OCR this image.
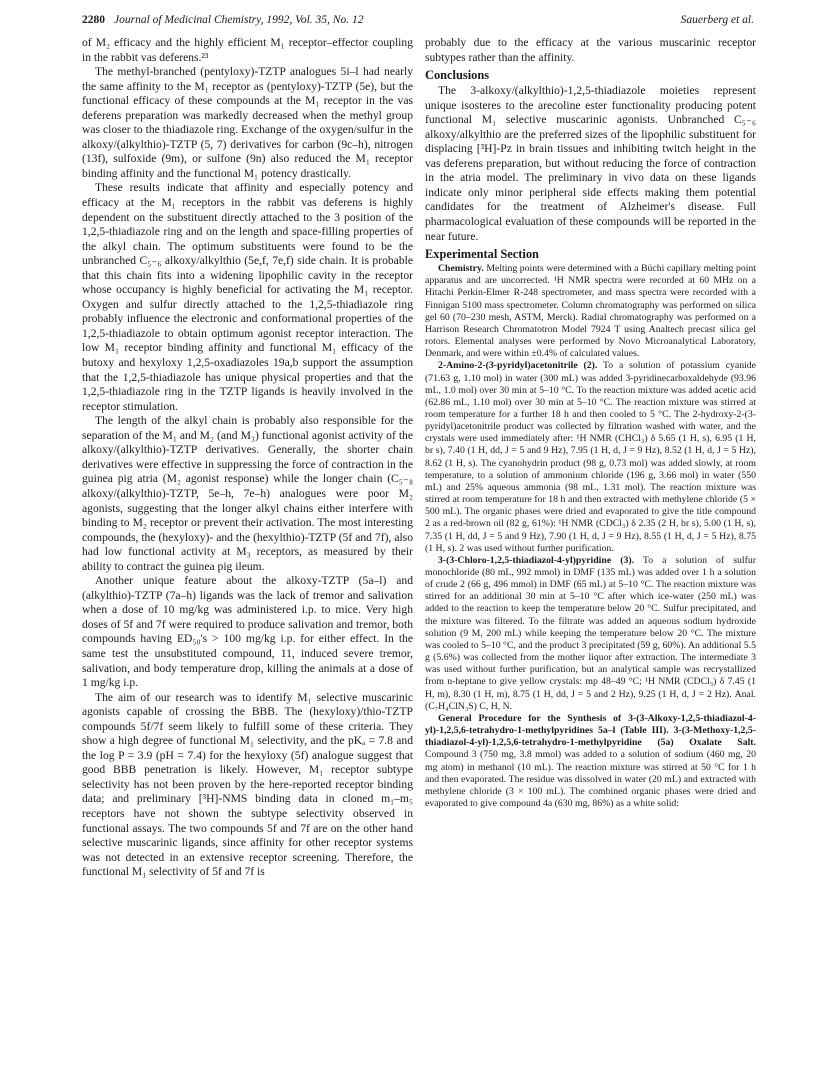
2280 Journal of Medicinal Chemistry, 1992, Vol. 35, No. 12	Sauerberg et al.

of M₂ efficacy and the highly efficient M₁ receptor–effector coupling in the rabbit vas deferens.²³

The methyl-branched (pentyloxy)-TZTP analogues 5i–l had nearly the same affinity to the M₁ receptor as (pentyloxy)-TZTP (5e), but the functional efficacy of these compounds at the M₁ receptor in the vas deferens preparation was markedly decreased when the methyl group was closer to the thiadiazole ring. Exchange of the oxygen/sulfur in the alkoxy/(alkylthio)-TZTP (5, 7) derivatives for carbon (9c–h), nitrogen (13f), sulfoxide (9m), or sulfone (9n) also reduced the M₁ receptor binding affinity and the functional M₁ potency drastically.

These results indicate that affinity and especially potency and efficacy at the M₁ receptors in the rabbit vas deferens is highly dependent on the substituent directly attached to the 3 position of the 1,2,5-thiadiazole ring and on the length and space-filling properties of the alkyl chain. The optimum substituents were found to be the unbranched C₅₋₆ alkoxy/alkylthio (5e,f, 7e,f) side chain. It is probable that this chain fits into a widening lipophilic cavity in the receptor whose occupancy is highly beneficial for activating the M₁ receptor. Oxygen and sulfur directly attached to the 1,2,5-thiadiazole ring probably influence the electronic and conformational properties of the 1,2,5-thiadiazole to obtain optimum agonist receptor interaction. The low M₁ receptor binding affinity and functional M₁ efficacy of the butoxy and hexyloxy 1,2,5-oxadiazoles 19a,b support the assumption that the 1,2,5-thiadiazole has unique physical properties and that the 1,2,5-thiadiazole ring in the TZTP ligands is heavily involved in the receptor stimulation.

The length of the alkyl chain is probably also responsible for the separation of the M₁ and M₂ (and M₃) functional agonist activity of the alkoxy/(alkylthio)-TZTP derivatives. Generally, the shorter chain derivatives were effective in suppressing the force of contraction in the guinea pig atria (M₂ agonist response) while the longer chain (C₅₋₈ alkoxy/(alkylthio)-TZTP, 5e–h, 7e–h) analogues were poor M₂ agonists, suggesting that the longer alkyl chains either interfere with binding to M₂ receptor or prevent their activation. The most interesting compounds, the (hexyloxy)- and the (hexylthio)-TZTP (5f and 7f), also had low functional activity at M₃ receptors, as measured by their ability to contract the guinea pig ileum.

Another unique feature about the alkoxy-TZTP (5a–l) and (alkylthio)-TZTP (7a–h) ligands was the lack of tremor and salivation when a dose of 10 mg/kg was administered i.p. to mice. Very high doses of 5f and 7f were required to produce salivation and tremor, both compounds having ED₅₀'s > 100 mg/kg i.p. for either effect. In the same test the unsubstituted compound, 11, induced severe tremor, salivation, and body temperature drop, killing the animals at a dose of 1 mg/kg i.p.

The aim of our research was to identify M₁ selective muscarinic agonists capable of crossing the BBB. The (hexyloxy)/thio-TZTP compounds 5f/7f seem likely to fulfill some of these criteria. They show a high degree of functional M₁ selectivity, and the pKₐ = 7.8 and the log P = 3.9 (pH = 7.4) for the hexyloxy (5f) analogue suggest that good BBB penetration is likely. However, M₁ receptor subtype selectivity has not been proven by the here-reported receptor binding data; and preliminary [³H]-NMS binding data in cloned m₁–m₅ receptors have not shown the subtype selectivity observed in functional assays. The two compounds 5f and 7f are on the other hand selective muscarinic ligands, since affinity for other receptor systems was not detected in an extensive receptor screening. Therefore, the functional M₁ selectivity of 5f and 7f is

probably due to the efficacy at the various muscarinic receptor subtypes rather than the affinity.

Conclusions

The 3-alkoxy/(alkylthio)-1,2,5-thiadiazole moieties represent unique isosteres to the arecoline ester functionality producing potent functional M₁ selective muscarinic agonists. Unbranched C₅₋₆ alkoxy/alkylthio are the preferred sizes of the lipophilic substituent for displacing [³H]-Pz in brain tissues and inhibiting twitch height in the vas deferens preparation, but without reducing the force of contraction in the atria model. The preliminary in vivo data on these ligands indicate only minor peripheral side effects making them potential candidates for the treatment of Alzheimer's disease. Full pharmacological evaluation of these compounds will be reported in the near future.

Experimental Section

Chemistry. Melting points were determined with a Büchi capillary melting point apparatus and are uncorrected. ¹H NMR spectra were recorded at 60 MHz on a Hitachi Perkin-Elmer R-248 spectrometer, and mass spectra were recorded with a Finnigan 5100 mass spectrometer. Column chromatography was performed on silica gel 60 (70–230 mesh, ASTM, Merck). Radial chromatography was performed on a Harrison Research Chromatotron Model 7924 T using Analtech precast silica gel rotors. Elemental analyses were performed by Novo Microanalytical Laboratory, Denmark, and were within ±0.4% of calculated values.

2-Amino-2-(3-pyridyl)acetonitrile (2). To a solution of potassium cyanide (71.63 g, 1.10 mol) in water (300 mL) was added 3-pyridinecarboxaldehyde (93.96 mL, 1.0 mol) over 30 min at 5–10 °C. To the reaction mixture was added acetic acid (62.86 mL, 1.10 mol) over 30 min at 5–10 °C. The reaction mixture was stirred at room temperature for a further 18 h and then cooled to 5 °C. The 2-hydroxy-2-(3-pyridyl)acetonitrile product was collected by filtration washed with water, and the crystals were used immediately after: ¹H NMR (CHCl₃) δ 5.65 (1 H, s), 6.95 (1 H, br s), 7.40 (1 H, dd, J = 5 and 9 Hz), 7.95 (1 H, d, J = 9 Hz), 8.52 (1 H, d, J = 5 Hz), 8.62 (1 H, s). The cyanohydrin product (98 g, 0.73 mol) was added slowly, at room temperature, to a solution of ammonium chloride (196 g, 3.66 mol) in water (550 mL) and 25% aqueous ammonia (98 mL, 1.31 mol). The reaction mixture was stirred at room temperature for 18 h and then extracted with methylene chloride (5 × 500 mL). The organic phases were dried and evaporated to give the title compound 2 as a red-brown oil (82 g, 61%): ¹H NMR (CDCl₃) δ 2.35 (2 H, br s), 5.00 (1 H, s), 7.35 (1 H, dd, J = 5 and 9 Hz), 7.90 (1 H, d, J = 9 Hz), 8.55 (1 H, d, J = 5 Hz), 8.75 (1 H, s). 2 was used without further purification.

3-(3-Chloro-1,2,5-thiadiazol-4-yl)pyridine (3). To a solution of sulfur monochloride (80 mL, 992 mmol) in DMF (135 mL) was added over 1 h a solution of crude 2 (66 g, 496 mmol) in DMF (65 mL) at 5–10 °C. The reaction mixture was stirred for an additional 30 min at 5–10 °C after which ice-water (250 mL) was added to the reaction to keep the temperature below 20 °C. Sulfur precipitated, and the mixture was filtered. To the filtrate was added an aqueous sodium hydroxide solution (9 M, 200 mL) while keeping the temperature below 20 °C. The mixture was cooled to 5–10 °C, and the product 3 precipitated (59 g, 60%). An additional 5.5 g (5.6%) was collected from the mother liquor after extraction. The intermediate 3 was used without further purification, but an analytical sample was recrystallized from n-heptane to give yellow crystals: mp 48–49 °C; ¹H NMR (CDCl₃) δ 7.45 (1 H, m), 8.30 (1 H, m), 8.75 (1 H, dd, J = 5 and 2 Hz), 9.25 (1 H, d, J = 2 Hz). Anal. (C₇H₄ClN₃S) C, H, N.

General Procedure for the Synthesis of 3-(3-Alkoxy-1,2,5-thiadiazol-4-yl)-1,2,5,6-tetrahydro-1-methylpyridines 5a–l (Table III). 3-(3-Methoxy-1,2,5-thiadiazol-4-yl)-1,2,5,6-tetrahydro-1-methylpyridine (5a) Oxalate Salt. Compound 3 (750 mg, 3.8 mmol) was added to a solution of sodium (460 mg, 20 mg atom) in methanol (10 mL). The reaction mixture was stirred at 50 °C for 1 h and then evaporated. The residue was dissolved in water (20 mL) and extracted with methylene chloride (3 × 100 mL). The combined organic phases were dried and evaporated to give compound 4a (630 mg, 86%) as a white solid:
